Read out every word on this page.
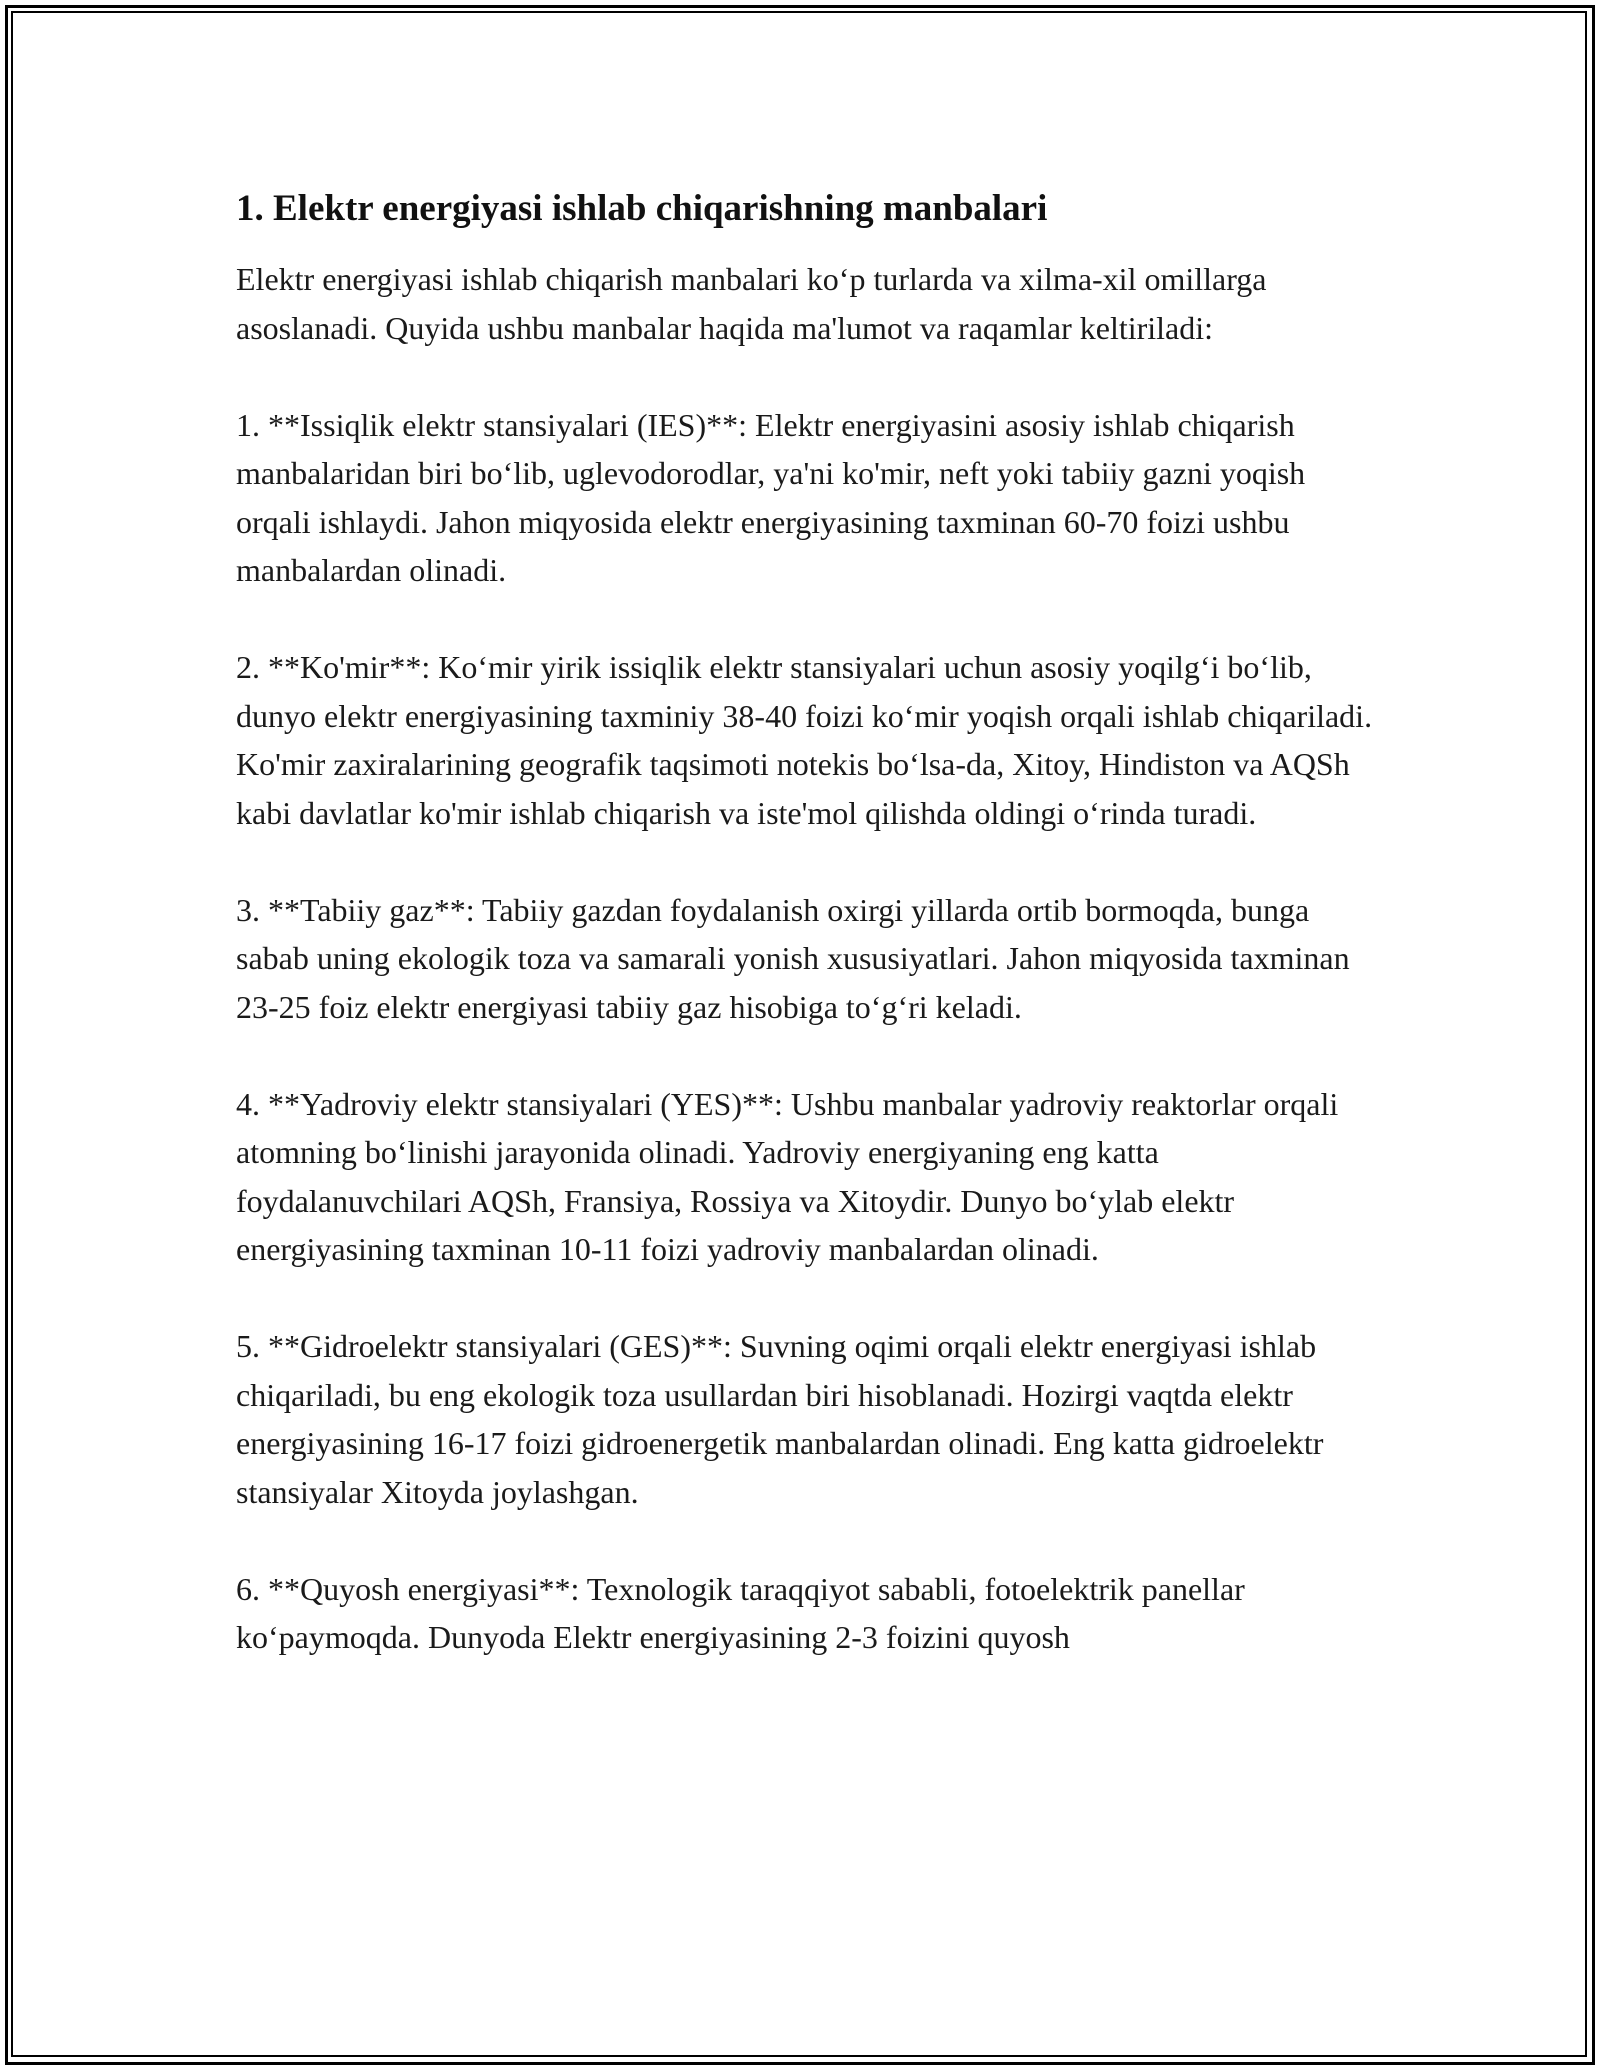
1. Elektr energiyasi ishlab chiqarishning manbalari

Elektr energiyasi ishlab chiqarish manbalari ko‘p turlarda va xilma-xil omillarga asoslanadi. Quyida ushbu manbalar haqida ma'lumot va raqamlar keltiriladi:

1. **Issiqlik elektr stansiyalari (IES)**: Elektr energiyasini asosiy ishlab chiqarish manbalaridan biri bo‘lib, uglevodorodlar, ya'ni ko'mir, neft yoki tabiiy gazni yoqish orqali ishlaydi. Jahon miqyosida elektr energiyasining taxminan 60-70 foizi ushbu manbalardan olinadi.

2. **Ko'mir**: Ko‘mir yirik issiqlik elektr stansiyalari uchun asosiy yoqilg‘i bo‘lib, dunyo elektr energiyasining taxminiy 38-40 foizi ko‘mir yoqish orqali ishlab chiqariladi. Ko'mir zaxiralarining geografik taqsimoti notekis bo‘lsa-da, Xitoy, Hindiston va AQSh kabi davlatlar ko'mir ishlab chiqarish va iste'mol qilishda oldingi o‘rinda turadi.

3. **Tabiiy gaz**: Tabiiy gazdan foydalanish oxirgi yillarda ortib bormoqda, bunga sabab uning ekologik toza va samarali yonish xususiyatlari. Jahon miqyosida taxminan 23-25 foiz elektr energiyasi tabiiy gaz hisobiga to‘g‘ri keladi.

4. **Yadroviy elektr stansiyalari (YES)**: Ushbu manbalar yadroviy reaktorlar orqali atomning bo‘linishi jarayonida olinadi. Yadroviy energiyaning eng katta foydalanuvchilari AQSh, Fransiya, Rossiya va Xitoydir. Dunyo bo‘ylab elektr energiyasining taxminan 10-11 foizi yadroviy manbalardan olinadi.

5. **Gidroelektr stansiyalari (GES)**: Suvning oqimi orqali elektr energiyasi ishlab chiqariladi, bu eng ekologik toza usullardan biri hisoblanadi. Hozirgi vaqtda elektr energiyasining 16-17 foizi gidroenergetik manbalardan olinadi. Eng katta gidroelektr stansiyalar Xitoyda joylashgan.

6. **Quyosh energiyasi**: Texnologik taraqqiyot sababli, fotoelektrik panellar ko‘paymoqda. Dunyoda Elektr energiyasining 2-3 foizini quyosh
